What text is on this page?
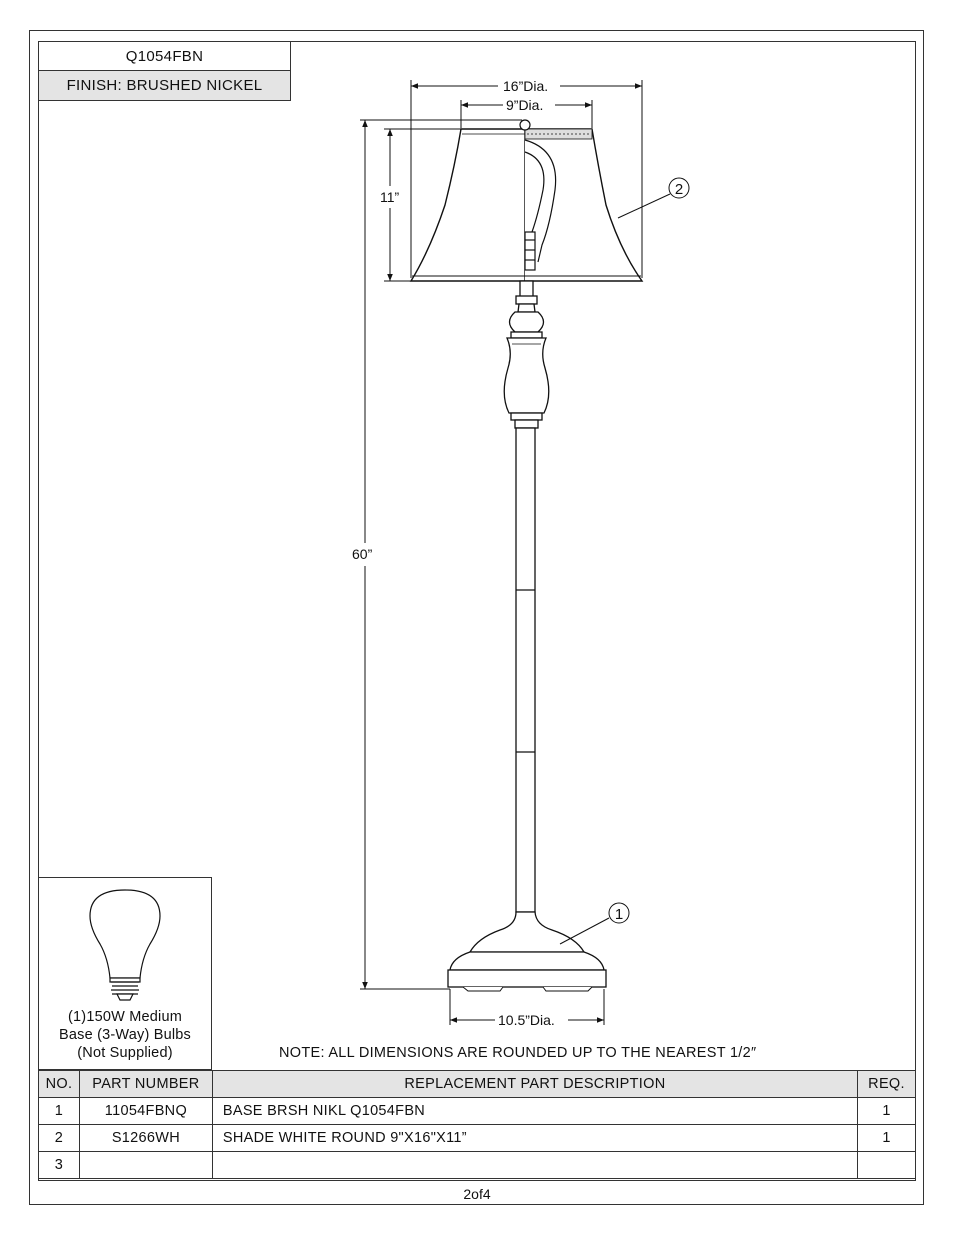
Q1054FBN
FINISH: BRUSHED NICKEL	16”Dia.
9”Dia.
11”
60”
10.5”Dia.
2
1
(1)150W Medium
Base (3-Way) Bulbs
(Not Supplied)	NOTE: ALL DIMENSIONS ARE ROUNDED UP TO THE NEAREST 1/2″
NO.	PART NUMBER	REPLACEMENT PART DESCRIPTION	REQ.
1	11054FBNQ	BASE BRSH NIKL Q1054FBN	1
2	S1266WH	SHADE WHITE ROUND 9"X16"X11”	1
3			
2of4
